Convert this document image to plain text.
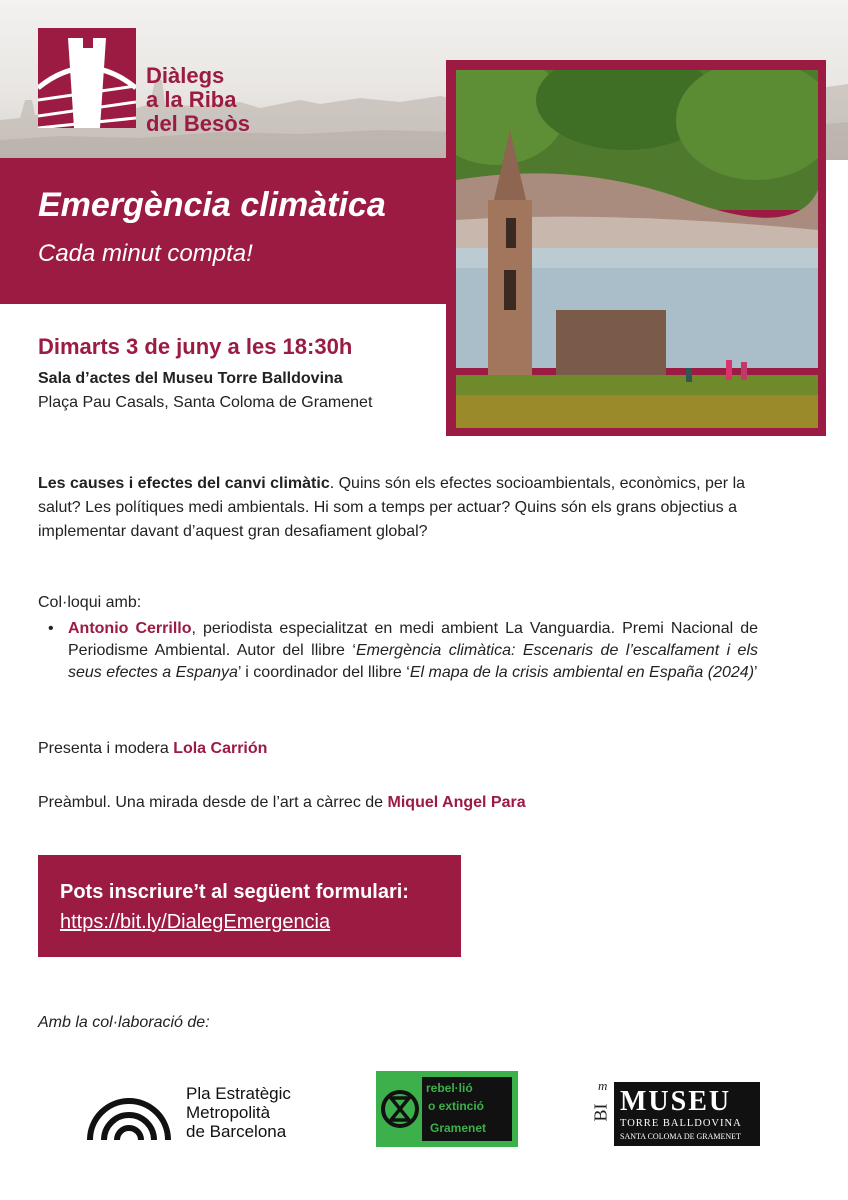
Diàlegs
a la Riba
del Besòs
Emergència climàtica
Cada minut compta!
Dimarts 3 de juny a les 18:30h
Sala d’actes del Museu Torre Balldovina
Plaça Pau Casals, Santa Coloma de Gramenet
Les causes i efectes del canvi climàtic. Quins són els efectes socioambientals, econòmics, per la salut? Les polítiques medi ambientals. Hi som a temps per actuar? Quins són els grans objectius a implementar davant d’aquest gran desafiament global?
Col·loqui amb:
• Antonio Cerrillo, periodista especialitzat en medi ambient La Vanguardia. Premi Nacional de Periodisme Ambiental. Autor del llibre ‘Emergència climàtica: Escenaris de l’escalfament i els seus efectes a Espanya’ i coordinador del llibre ‘El mapa de la crisis ambiental en España (2024)’
Presenta i modera Lola Carrión
Preàmbul. Una mirada desde de l’art a càrrec de Miquel Angel Para
Pots inscriure’t al següent formulari:
https://bit.ly/DialegEmergencia
Amb la col·laboració de:
Pla Estratègic
Metropolità
de Barcelona
rebel·lió
o extinció
Gramenet
BI
m
MUSEU
TORRE BALLDOVINA
SANTA COLOMA DE GRAMENET
